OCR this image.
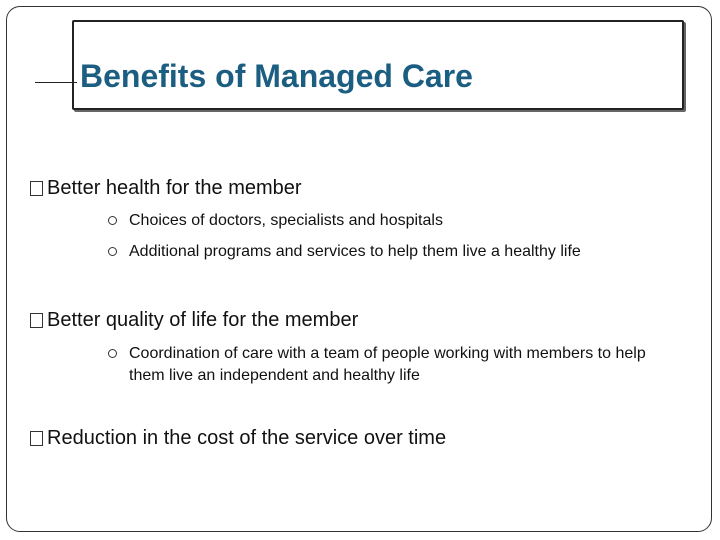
Benefits of Managed Care
Better health for the member
Choices of doctors, specialists and hospitals
Additional programs and services to help them live a healthy life
Better quality of life for the member
Coordination of care with a team of people working with members to help them live an independent and healthy life
Reduction in the cost of the service over time
